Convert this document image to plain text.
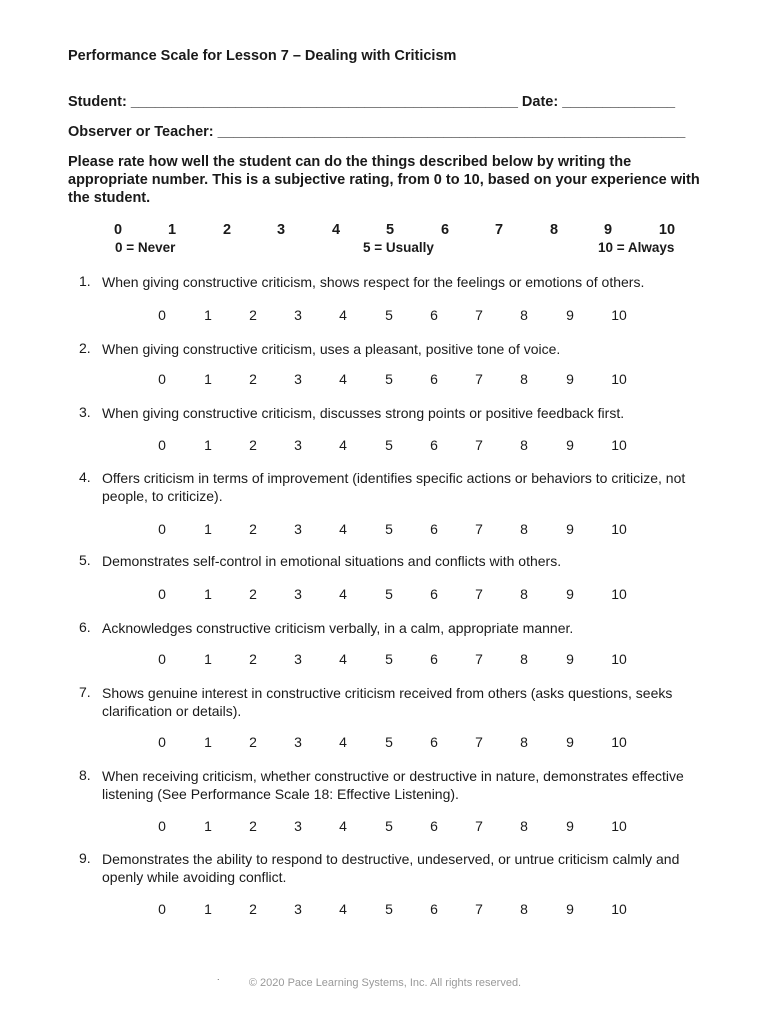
Performance Scale for Lesson 7 – Dealing with Criticism
Student: ________________________________________________ Date: ______________
Observer or Teacher: __________________________________________________________
Please rate how well the student can do the things described below by writing the appropriate number. This is a subjective rating, from 0 to 10, based on your experience with the student.
0	1	2	3	4	5	6	7	8	9	10
0 = Never	5 = Usually	10 = Always
1. When giving constructive criticism, shows respect for the feelings or emotions of others.
0	1	2	3	4	5	6	7	8	9	10
2. When giving constructive criticism, uses a pleasant, positive tone of voice.
0	1	2	3	4	5	6	7	8	9	10
3. When giving constructive criticism, discusses strong points or positive feedback first.
0	1	2	3	4	5	6	7	8	9	10
4. Offers criticism in terms of improvement (identifies specific actions or behaviors to criticize, not people, to criticize).
0	1	2	3	4	5	6	7	8	9	10
5. Demonstrates self-control in emotional situations and conflicts with others.
0	1	2	3	4	5	6	7	8	9	10
6. Acknowledges constructive criticism verbally, in a calm, appropriate manner.
0	1	2	3	4	5	6	7	8	9	10
7. Shows genuine interest in constructive criticism received from others (asks questions, seeks clarification or details).
0	1	2	3	4	5	6	7	8	9	10
8. When receiving criticism, whether constructive or destructive in nature, demonstrates effective listening (See Performance Scale 18: Effective Listening).
0	1	2	3	4	5	6	7	8	9	10
9. Demonstrates the ability to respond to destructive, undeserved, or untrue criticism calmly and openly while avoiding conflict.
0	1	2	3	4	5	6	7	8	9	10
.	© 2020 Pace Learning Systems, Inc. All rights reserved.
